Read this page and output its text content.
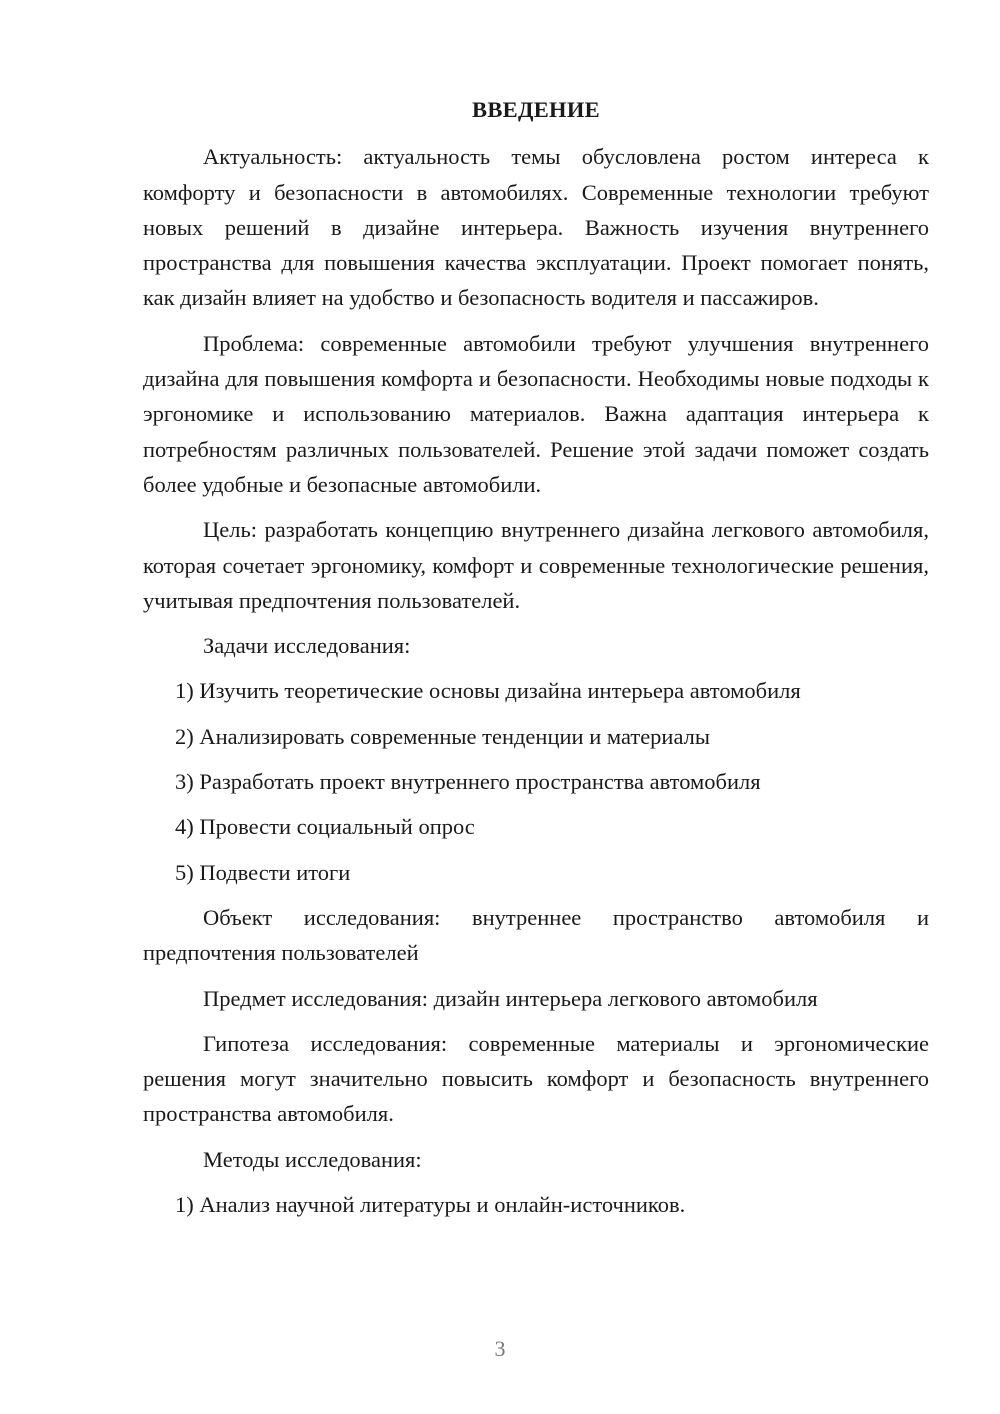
ВВЕДЕНИЕ
Актуальность: актуальность темы обусловлена ростом интереса к комфорту и безопасности в автомобилях. Современные технологии требуют новых решений в дизайне интерьера. Важность изучения внутреннего пространства для повышения качества эксплуатации. Проект помогает понять, как дизайн влияет на удобство и безопасность водителя и пассажиров.
Проблема: современные автомобили требуют улучшения внутреннего дизайна для повышения комфорта и безопасности. Необходимы новые подходы к эргономике и использованию материалов. Важна адаптация интерьера к потребностям различных пользователей. Решение этой задачи поможет создать более удобные и безопасные автомобили.
Цель: разработать концепцию внутреннего дизайна легкового автомобиля, которая сочетает эргономику, комфорт и современные технологические решения, учитывая предпочтения пользователей.
Задачи исследования:
1) Изучить теоретические основы дизайна интерьера автомобиля
2) Анализировать современные тенденции и материалы
3) Разработать проект внутреннего пространства автомобиля
4) Провести социальный опрос
5) Подвести итоги
Объект исследования: внутреннее пространство автомобиля и предпочтения пользователей
Предмет исследования: дизайн интерьера легкового автомобиля
Гипотеза исследования: современные материалы и эргономические решения могут значительно повысить комфорт и безопасность внутреннего пространства автомобиля.
Методы исследования:
1) Анализ научной литературы и онлайн-источников.
3
